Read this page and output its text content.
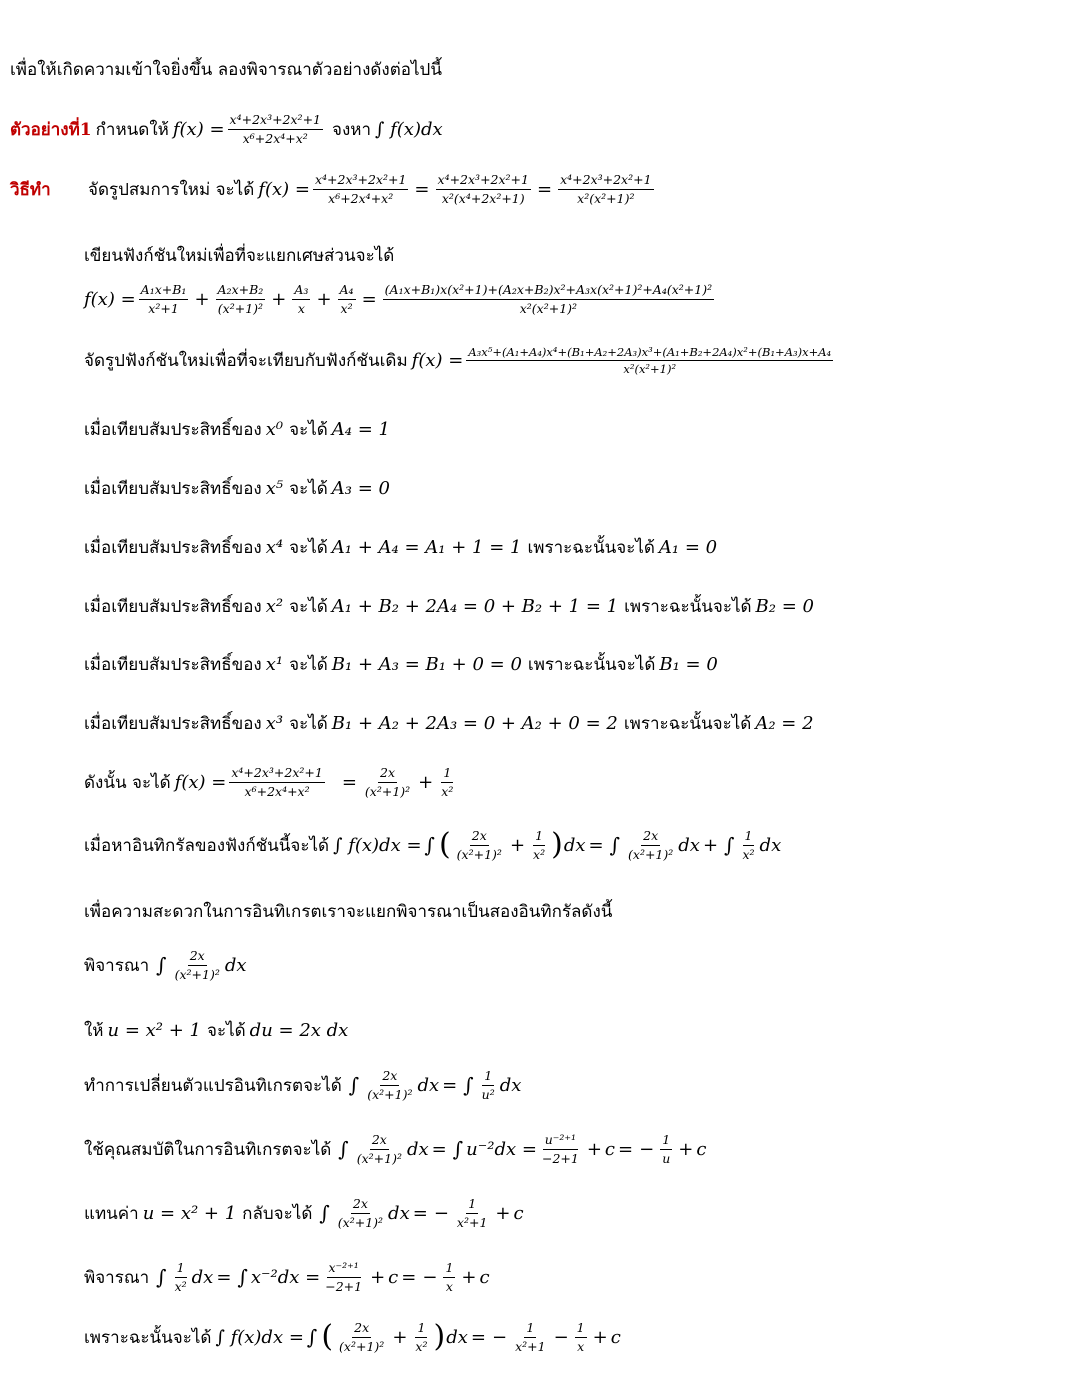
เพื่อให้เกิดความเข้าใจยิ่งขึ้น ลองพิจารณาตัวอย่างดังต่อไปนี้
ตัวอย่างที่1 กำหนดให้ $f(x) = \frac{\text{x⁴+2x³+2x²+1}}{\text{x⁶+2x⁴+x²}}$ จงหา ∫ f(x)dx
วิธีทำ	จัดรูปสมการใหม่ จะได้ $f(x) = \frac{\text{x⁴+2x³+2x²+1}}{\text{x⁶+2x⁴+x²}} = \frac{\text{x⁴+2x³+2x²+1}}{\text{x²(x⁴+2x²+1)}} = \frac{\text{x⁴+2x³+2x²+1}}{\text{x²(x²+1)²}}$
เขียนฟังก์ชันใหม่เพื่อที่จะแยกเศษส่วนจะได้
$f(x) = \frac{\text{A₁x+B₁}}{\text{x²+1}} + \frac{\text{A₂x+B₂}}{\text{(x²+1)²}} + \frac{\text{A₃}}{x} + \frac{\text{A₄}}{\text{x²}} = \frac{\text{(A₁x+B₁)x(x²+1)+(A₂x+B₂)x²+A₃x(x²+1)²+A₄(x²+1)²}}{\text{x²(x²+1)²}}$
จัดรูปฟังก์ชันใหม่เพื่อที่จะเทียบกับฟังก์ชันเดิม $f(x) = \frac{\text{A₃x⁵+(A₁+A₄)x⁴+(B₁+A₂+2A₃)x³+(A₁+B₂+2A₄)x²+(B₁+A₃)x+A₄}}{\text{x²(x²+1)²}}$
เมื่อเทียบสัมประสิทธิ์ของ x⁰ จะได้ A₄ = 1
เมื่อเทียบสัมประสิทธิ์ของ x⁵ จะได้ A₃ = 0
เมื่อเทียบสัมประสิทธิ์ของ x⁴ จะได้ A₁ + A₄ = A₁ + 1 = 1 เพราะฉะนั้นจะได้ A₁ = 0
เมื่อเทียบสัมประสิทธิ์ของ x² จะได้ A₁ + B₂ + 2A₄ = 0 + B₂ + 1 = 1 เพราะฉะนั้นจะได้ B₂ = 0
เมื่อเทียบสัมประสิทธิ์ของ x¹ จะได้ B₁ + A₃ = B₁ + 0 = 0 เพราะฉะนั้นจะได้ B₁ = 0
เมื่อเทียบสัมประสิทธิ์ของ x³ จะได้ B₁ + A₂ + 2A₃ = 0 + A₂ + 0 = 2 เพราะฉะนั้นจะได้ A₂ = 2
ดังนั้น จะได้ $f(x) = \frac{\text{x⁴+2x³+2x²+1}}{\text{x⁶+2x⁴+x²}} = \frac{2x}{\text{(x²+1)²}} + \frac{1}{\text{x²}}$
เมื่อหาอินทิกรัลของฟังก์ชันนี้จะได้ ∫ f(x)dx = ∫ ( $\frac{2x}{\text{(x²+1)²}} + \frac{1}{\text{x²}}$ ) dx = ∫ $\frac{2x}{\text{(x²+1)²}}$ dx + ∫ $\frac{1}{\text{x²}}$ dx
เพื่อความสะดวกในการอินทิเกรตเราจะแยกพิจารณาเป็นสองอินทิกรัลดังนี้
พิจารณา ∫ $\frac{2x}{\text{(x²+1)²}}$ dx
ให้ u = x² + 1 จะได้ du = 2x dx
ทำการเปลี่ยนตัวแปรอินทิเกรตจะได้ ∫ $\frac{2x}{\text{(x²+1)²}}$ dx = ∫ $\frac{1}{\text{u²}}$ dx
ใช้คุณสมบัติในการอินทิเกรตจะได้ ∫ $\frac{2x}{\text{(x²+1)²}}$ dx = ∫ $u^{-2}dx = \frac{\text{u⁻²⁺¹}}{-2+1} + c$ = − $\frac{1}{u} + c$
แทนค่า u = x² + 1 กลับจะได้ ∫ $\frac{2x}{\text{(x²+1)²}}$ dx = − $\frac{1}{\text{x²+1}} + c$
พิจารณา ∫ $\frac{1}{\text{x²}}$ dx = ∫ $x^{-2}dx = \frac{\text{x⁻²⁺¹}}{-2+1} + c$ = − $\frac{1}{x} + c$
เพราะฉะนั้นจะได้ ∫ f(x)dx = ∫ ( $\frac{2x}{\text{(x²+1)²}} + \frac{1}{\text{x²}}$ ) dx = − $\frac{1}{\text{x²+1}} - \frac{1}{x} + c$
